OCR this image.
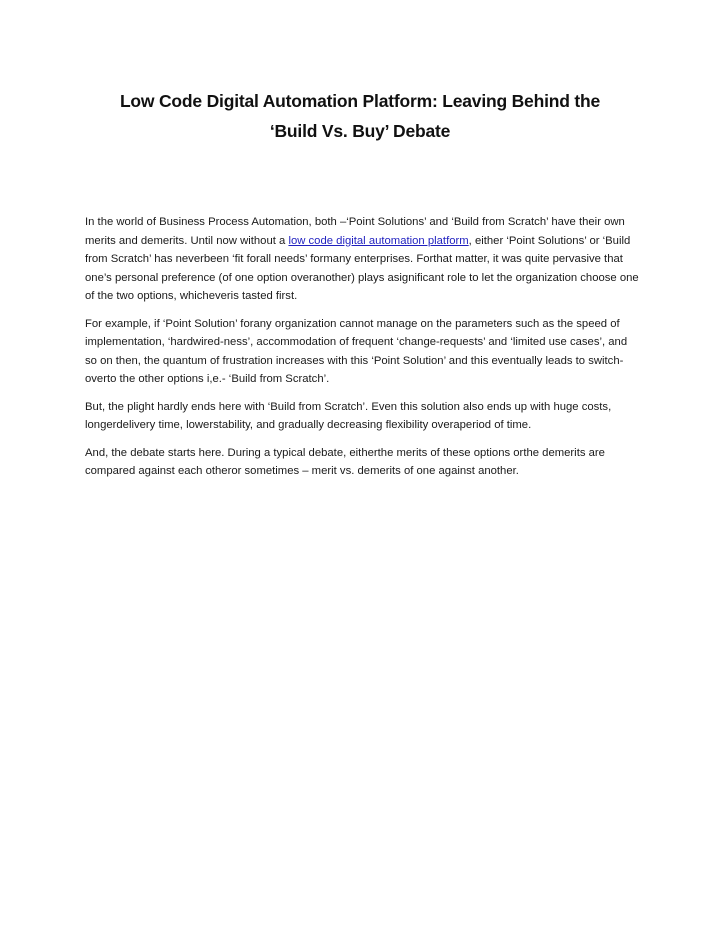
Low Code Digital Automation Platform: Leaving Behind the
‘Build Vs. Buy’ Debate

In the world of Business Process Automation, both –‘Point Solutions’ and ‘Build from Scratch’ have their own merits and demerits. Until now without a low code digital automation platform, either ‘Point Solutions’ or ‘Build from Scratch’ has neverbeen ‘fit forall needs’ formany enterprises. Forthat matter, it was quite pervasive that one’s personal preference (of one option overanother) plays asignificant role to let the organization choose one of the two options, whicheveris tasted first.

For example, if ‘Point Solution’ forany organization cannot manage on the parameters such as the speed of implementation, ‘hardwired-ness’, accommodation of frequent ‘change-requests’ and ‘limited use cases’, and so on then, the quantum of frustration increases with this ‘Point Solution’ and this eventually leads to switch-overto the other options i,e.- ‘Build from Scratch’.

But, the plight hardly ends here with ‘Build from Scratch’. Even this solution also ends up with huge costs, longerdelivery time, lowerstability, and gradually decreasing flexibility overaperiod of time.

And, the debate starts here. During a typical debate, eitherthe merits of these options orthe demerits are compared against each otheror sometimes – merit vs. demerits of one against another.
